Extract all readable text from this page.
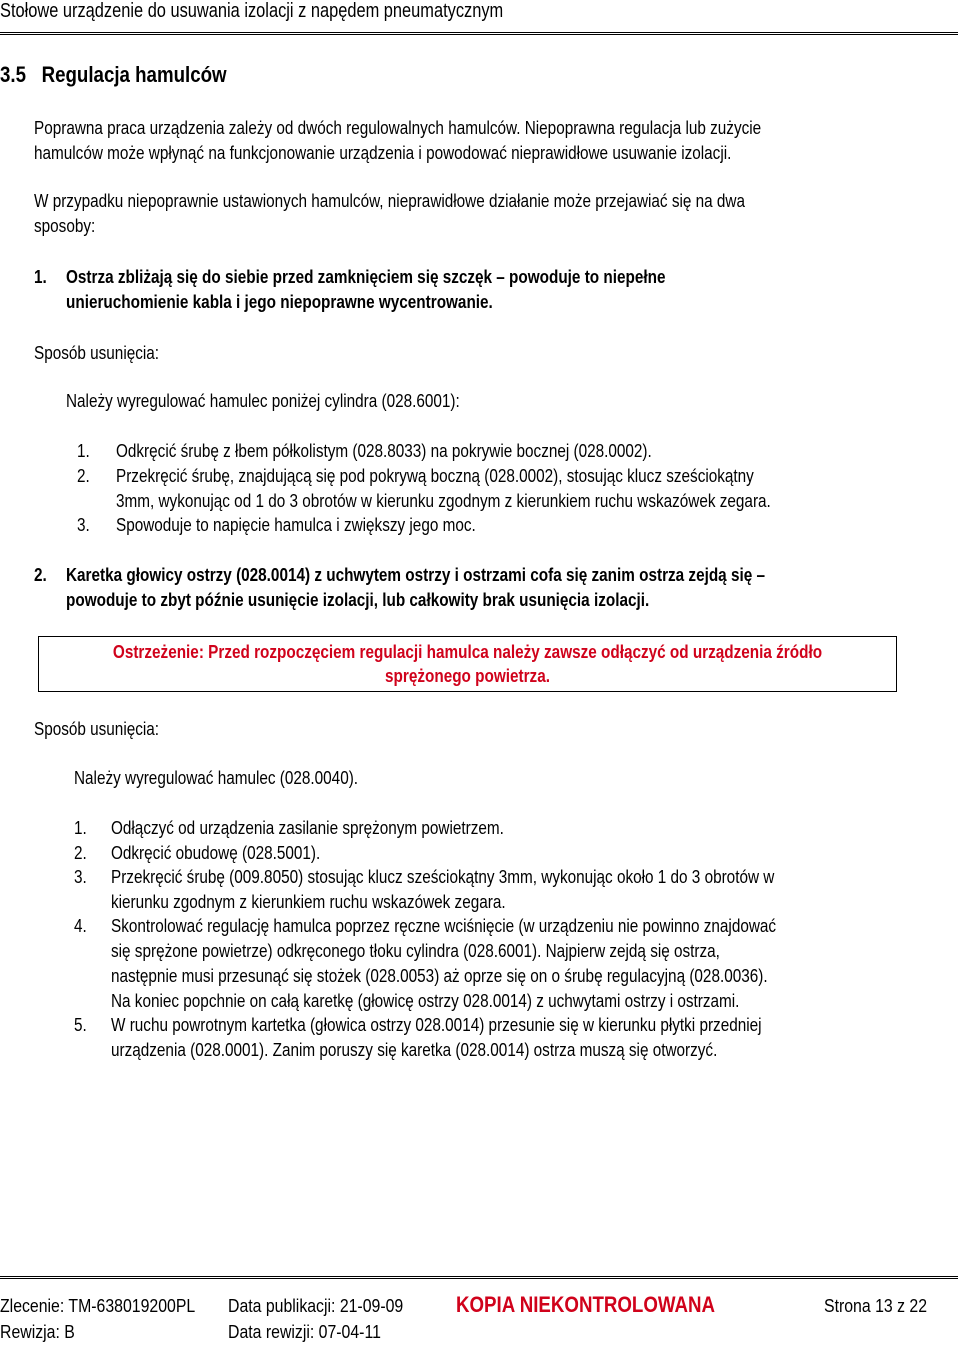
Stołowe urządzenie do usuwania izolacji z napędem pneumatycznym
3.5 Regulacja hamulców
Poprawna praca urządzenia zależy od dwóch regulowalnych hamulców. Niepoprawna regulacja lub zużycie
hamulców może wpłynąć na funkcjonowanie urządzenia i powodować nieprawidłowe usuwanie izolacji.
W przypadku niepoprawnie ustawionych hamulców, nieprawidłowe działanie może przejawiać się na dwa
sposoby:
1. Ostrza zbliżają się do siebie przed zamknięciem się szczęk – powoduje to niepełne
unieruchomienie kabla i jego niepoprawne wycentrowanie.
Sposób usunięcia:
Należy wyregulować hamulec poniżej cylindra (028.6001):
1. Odkręcić śrubę z łbem półkolistym (028.8033) na pokrywie bocznej (028.0002).
2. Przekręcić śrubę, znajdującą się pod pokrywą boczną (028.0002), stosując klucz sześciokątny
3mm, wykonując od 1 do 3 obrotów w kierunku zgodnym z kierunkiem ruchu wskazówek zegara.
3. Spowoduje to napięcie hamulca i zwiększy jego moc.
2. Karetka głowicy ostrzy (028.0014) z uchwytem ostrzy i ostrzami cofa się zanim ostrza zejdą się –
powoduje to zbyt późnie usunięcie izolacji, lub całkowity brak usunięcia izolacji.
Ostrzeżenie: Przed rozpoczęciem regulacji hamulca należy zawsze odłączyć od urządzenia źródło
sprężonego powietrza.
Sposób usunięcia:
Należy wyregulować hamulec (028.0040).
1. Odłączyć od urządzenia zasilanie sprężonym powietrzem.
2. Odkręcić obudowę (028.5001).
3. Przekręcić śrubę (009.8050) stosując klucz sześciokątny 3mm, wykonując około 1 do 3 obrotów w
kierunku zgodnym z kierunkiem ruchu wskazówek zegara.
4. Skontrolować regulację hamulca poprzez ręczne wciśnięcie (w urządzeniu nie powinno znajdować
się sprężone powietrze) odkręconego tłoku cylindra (028.6001). Najpierw zejdą się ostrza,
następnie musi przesunąć się stożek (028.0053) aż oprze się on o śrubę regulacyjną (028.0036).
Na koniec popchnie on całą karetkę (głowicę ostrzy 028.0014) z uchwytami ostrzy i ostrzami.
5. W ruchu powrotnym kartetka (głowica ostrzy 028.0014) przesunie się w kierunku płytki przedniej
urządzenia (028.0001). Zanim poruszy się karetka (028.0014) ostrza muszą się otworzyć.
Zlecenie: TM-638019200PL Data publikacji: 21-09-09 KOPIA NIEKONTROLOWANA	Strona 13 z 22
Rewizja: B	Data rewizji: 07-04-11
